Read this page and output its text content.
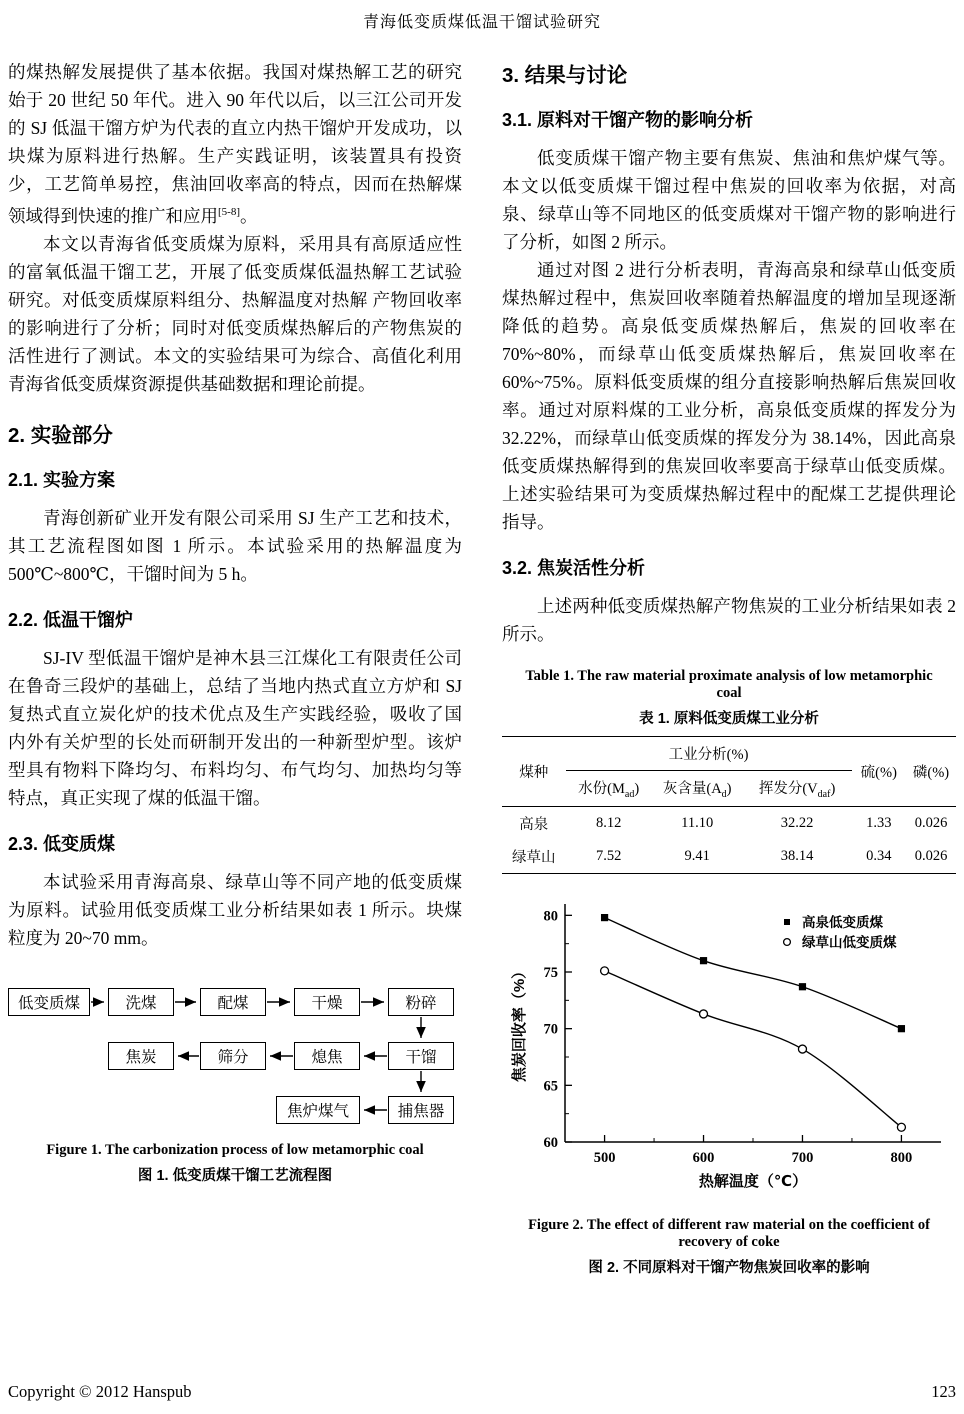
青海低变质煤低温干馏试验研究

的煤热解发展提供了基本依据。我国对煤热解工艺的研究始于 20 世纪 50 年代。进入 90 年代以后，以三江公司开发的 SJ 低温干馏方炉为代表的直立内热干馏炉开发成功，以块煤为原料进行热解。生产实践证明，该装置具有投资少，工艺简单易控，焦油回收率高的特点，因而在热解煤领域得到快速的推广和应用[5-8]。

本文以青海省低变质煤为原料，采用具有高原适应性的富氧低温干馏工艺，开展了低变质煤低温热解工艺试验研究。对低变质煤原料组分、热解温度对热解 产物回收率的影响进行了分析；同时对低变质煤热解后的产物焦炭的活性进行了测试。本文的实验结果可为综合、高值化利用青海省低变质煤资源提供基础数据和理论前提。

2. 实验部分
2.1. 实验方案

青海创新矿业开发有限公司采用 SJ 生产工艺和技术，其工艺流程图如图 1 所示。本试验采用的热解温度为 500℃~800℃，干馏时间为 5 h。

2.2. 低温干馏炉

SJ-IV 型低温干馏炉是神木县三江煤化工有限责任公司在鲁奇三段炉的基础上，总结了当地内热式直立方炉和 SJ 复热式直立炭化炉的技术优点及生产实践经验，吸收了国内外有关炉型的长处而研制开发出的一种新型炉型。该炉型具有物料下降均匀、布料均匀、布气均匀、加热均匀等特点，真正实现了煤的低温干馏。

2.3. 低变质煤

本试验采用青海高泉、绿草山等不同产地的低变质煤为原料。试验用低变质煤工业分析结果如表 1 所示。块煤粒度为 20~70 mm。

低变质煤	洗煤	配煤	干燥	粉碎
焦炭	筛分	熄焦	干馏
焦炉煤气	捕焦器
Figure 1. The carbonization process of low metamorphic coal
图 1. 低变质煤干馏工艺流程图
3. 结果与讨论
3.1. 原料对干馏产物的影响分析

低变质煤干馏产物主要有焦炭、焦油和焦炉煤气等。本文以低变质煤干馏过程中焦炭的回收率为依据，对高泉、绿草山等不同地区的低变质煤对干馏产物的影响进行了分析，如图 2 所示。

通过对图 2 进行分析表明，青海高泉和绿草山低变质煤热解过程中，焦炭回收率随着热解温度的增加呈现逐渐降低的趋势。高泉低变质煤热解后，焦炭的回收率在 70%~80%，而绿草山低变质煤热解后，焦炭回收率在 60%~75%。原料低变质煤的组分直接影响热解后焦炭回收率。通过对原料煤的工业分析，高泉低变质煤的挥发分为 32.22%，而绿草山低变质煤的挥发分为 38.14%，因此高泉低变质煤热解得到的焦炭回收率要高于绿草山低变质煤。上述实验结果可为变质煤热解过程中的配煤工艺提供理论指导。

3.2. 焦炭活性分析

上述两种低变质煤热解产物焦炭的工业分析结果如表 2 所示。

Table 1. The raw material proximate analysis of low metamorphic coal
表 1. 原料低变质煤工业分析
煤种	工业分析(%)			硫(%)	磷(%)
	水份$(M_{ad})$	灰含量$(A_d)$	挥发分$(V_{daf})$		
高泉	8.12	11.10	32.22	1.33	0.026
绿草山	7.52	9.41	38.14	0.34	0.026
60
65
70
75
80
500	600	700	800
高泉低变质煤
绿草山低变质煤
热解温度（℃）
焦炭回收率（%）
Figure 2. The effect of different raw material on the coefficient of recovery of coke
图 2. 不同原料对干馏产物焦炭回收率的影响
Copyright © 2012 Hanspub	123
